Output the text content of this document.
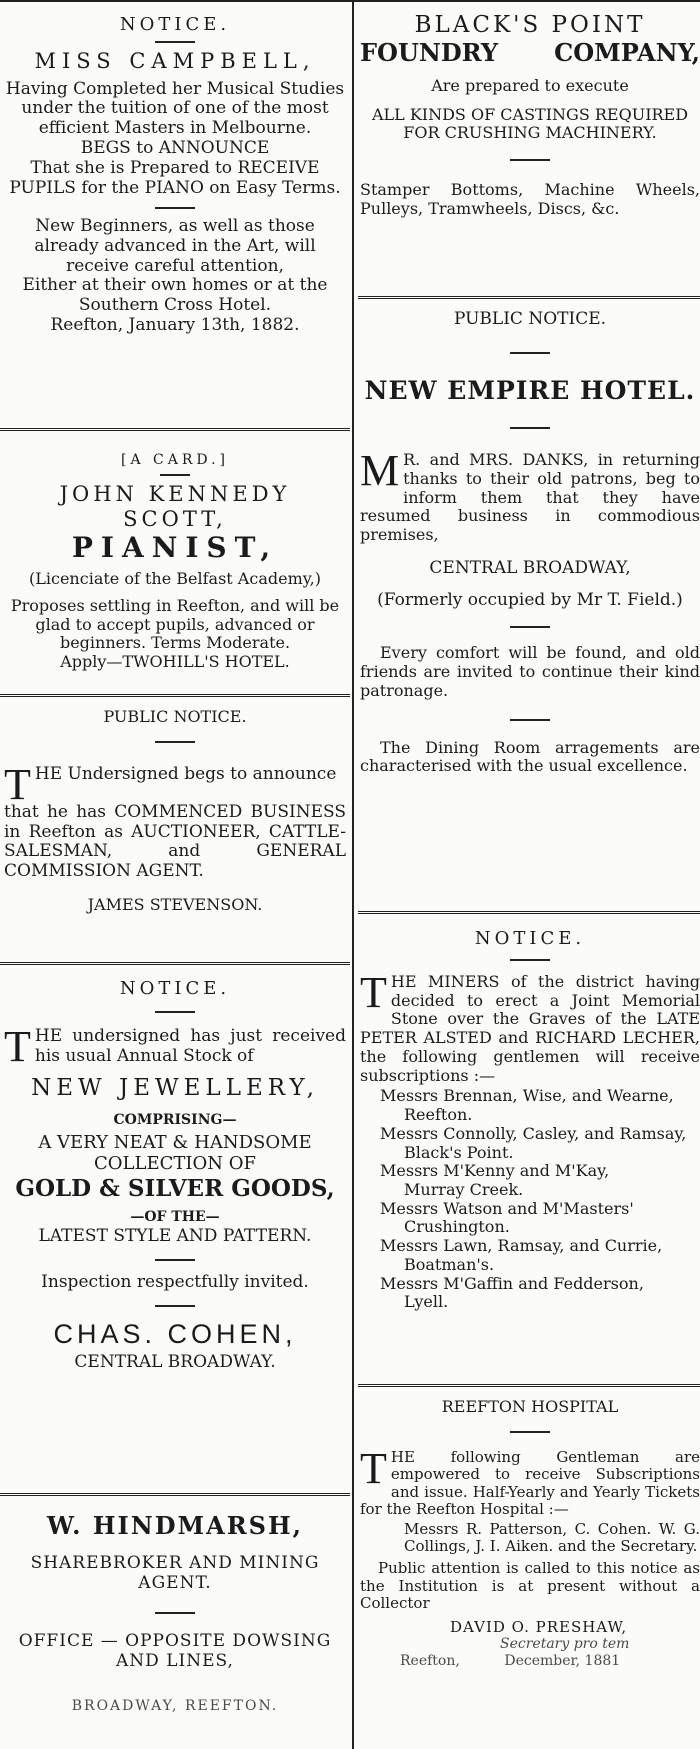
NOTICE.

MISS CAMPBELL,

Having Completed her Musical Studies under the tuition of one of the most efficient Masters in Melbourne.

BEGS to ANNOUNCE

That she is Prepared to RECEIVE PUPILS for the PIANO on Easy Terms.

New Beginners, as well as those already advanced in the Art, will receive careful attention,

Either at their own homes or at the Southern Cross Hotel.

Reefton, January 13th, 1882.

[A CARD.]

JOHN KENNEDY SCOTT,

PIANIST,

(Licenciate of the Belfast Academy,)

Proposes settling in Reefton, and will be glad to accept pupils, advanced or beginners. Terms Moderate.

Apply—TWOHILL'S HOTEL.

PUBLIC NOTICE.

THE Undersigned begs to announce

that he has COMMENCED BUSINESS in Reefton as AUCTIONEER, CATTLE-SALESMAN, and GENERAL COMMISSION AGENT.

JAMES STEVENSON.

NOTICE.

THE undersigned has just received his usual Annual Stock of

NEW JEWELLERY,

COMPRISING—

A VERY NEAT & HANDSOME

COLLECTION OF

GOLD & SILVER GOODS,

—OF THE—

LATEST STYLE AND PATTERN.

Inspection respectfully invited.

CHAS. COHEN,

CENTRAL BROADWAY.

W. HINDMARSH,

SHAREBROKER AND MINING AGENT.

OFFICE — OPPOSITE DOWSING AND LINES,

BROADWAY, REEFTON.

BLACK'S POINT

FOUNDRY COMPANY,

Are prepared to execute

ALL KINDS OF CASTINGS REQUIRED FOR CRUSHING MACHINERY.

Stamper Bottoms, Machine Wheels, Pulleys, Tramwheels, Discs, &c.

PUBLIC NOTICE.

NEW EMPIRE HOTEL.

M R. and MRS. DANKS, in returning thanks to their old patrons, beg to inform them that they have resumed business in commodious premises,

CENTRAL BROADWAY,

(Formerly occupied by Mr T. Field.)

Every comfort will be found, and old friends are invited to continue their kind patronage.

The Dining Room arragements are characterised with the usual excellence.

NOTICE.

THE MINERS of the district having decided to erect a Joint Memorial Stone over the Graves of the LATE PETER ALSTED and RICHARD LECHER, the following gentlemen will receive subscriptions :—

Messrs Brennan, Wise, and Wearne,

Reefton.

Messrs Connolly, Casley, and Ramsay,

Black's Point.

Messrs M'Kenny and M'Kay,

Murray Creek.

Messrs Watson and M'Masters'

Crushington.

Messrs Lawn, Ramsay, and Currie,

Boatman's.

Messrs M'Gaffin and Fedderson,

Lyell.

REEFTON HOSPITAL

THE following Gentleman are empowered to receive Subscriptions and issue. Half-Yearly and Yearly Tickets for the Reefton Hospital :—

Messrs R. Patterson, C. Cohen. W. G. Collings, J. I. Aiken. and the Secretary.

Public attention is called to this notice as the Institution is at present without a Collector

DAVID O. PRESHAW,

Secretary pro tem

Reefton,	December, 1881
